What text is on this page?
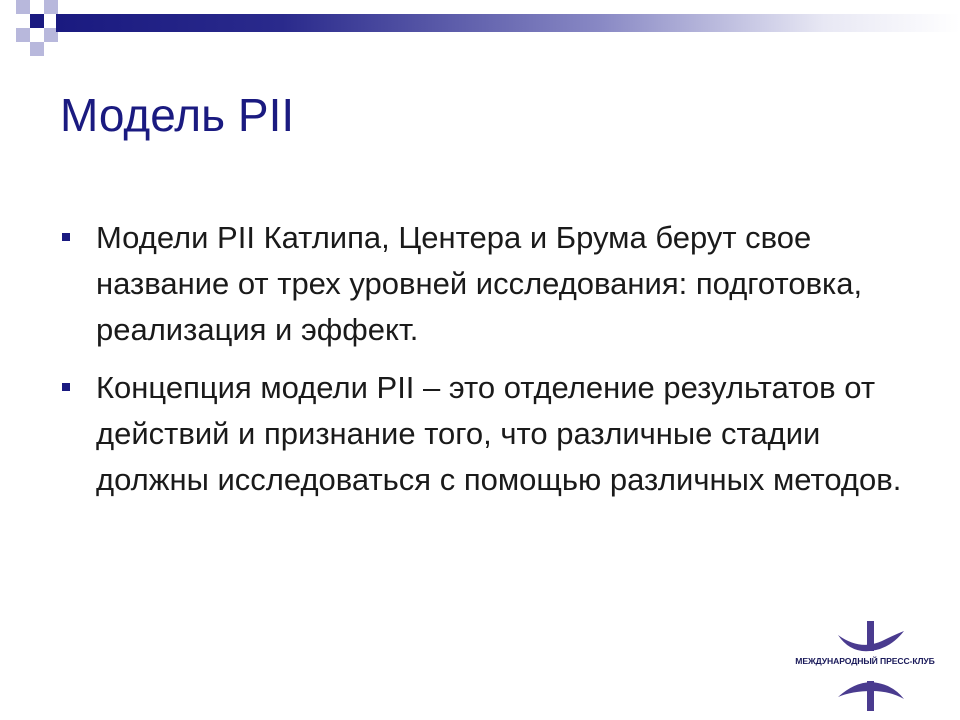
Модель PII
Модели PII Катлипа, Центера и Брума берут свое название от трех уровней исследования: подготовка, реализация и эффект.
Концепция модели PII – это отделение результатов от действий и признание того, что различные стадии должны исследоваться с помощью различных методов.
МЕЖДУНАРОДНЫЙ ПРЕСС-КЛУБ
